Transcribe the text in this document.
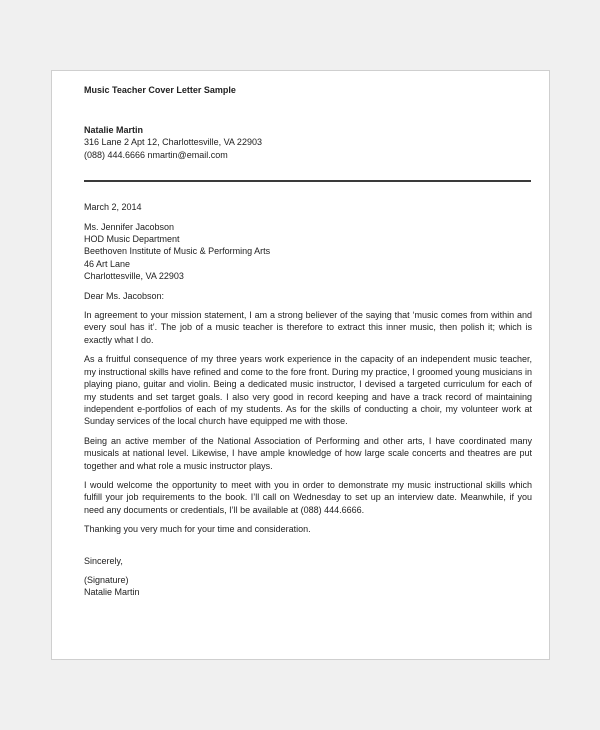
Music Teacher Cover Letter Sample
Natalie Martin
316 Lane 2 Apt 12, Charlottesville, VA 22903
(088) 444.6666 nmartin@email.com
March 2, 2014
Ms. Jennifer Jacobson
HOD Music Department
Beethoven Institute of Music & Performing Arts
46 Art Lane
Charlottesville, VA 22903
Dear Ms. Jacobson:
In agreement to your mission statement, I am a strong believer of the saying that ‘music comes from within and every soul has it’. The job of a music teacher is therefore to extract this inner music, then polish it; which is exactly what I do.
As a fruitful consequence of my three years work experience in the capacity of an independent music teacher, my instructional skills have refined and come to the fore front. During my practice, I groomed young musicians in playing piano, guitar and violin. Being a dedicated music instructor, I devised a targeted curriculum for each of my students and set target goals. I also very good in record keeping and have a track record of maintaining independent e-portfolios of each of my students. As for the skills of conducting a choir, my volunteer work at Sunday services of the local church have equipped me with those.
Being an active member of the National Association of Performing and other arts, I have coordinated many musicals at national level. Likewise, I have ample knowledge of how large scale concerts and theatres are put together and what role a music instructor plays.
I would welcome the opportunity to meet with you in order to demonstrate my music instructional skills which fulfill your job requirements to the book. I’ll call on Wednesday to set up an interview date. Meanwhile, if you need any documents or credentials, I’ll be available at (088) 444.6666.
Thanking you very much for your time and consideration.
Sincerely,
(Signature)
Natalie Martin
